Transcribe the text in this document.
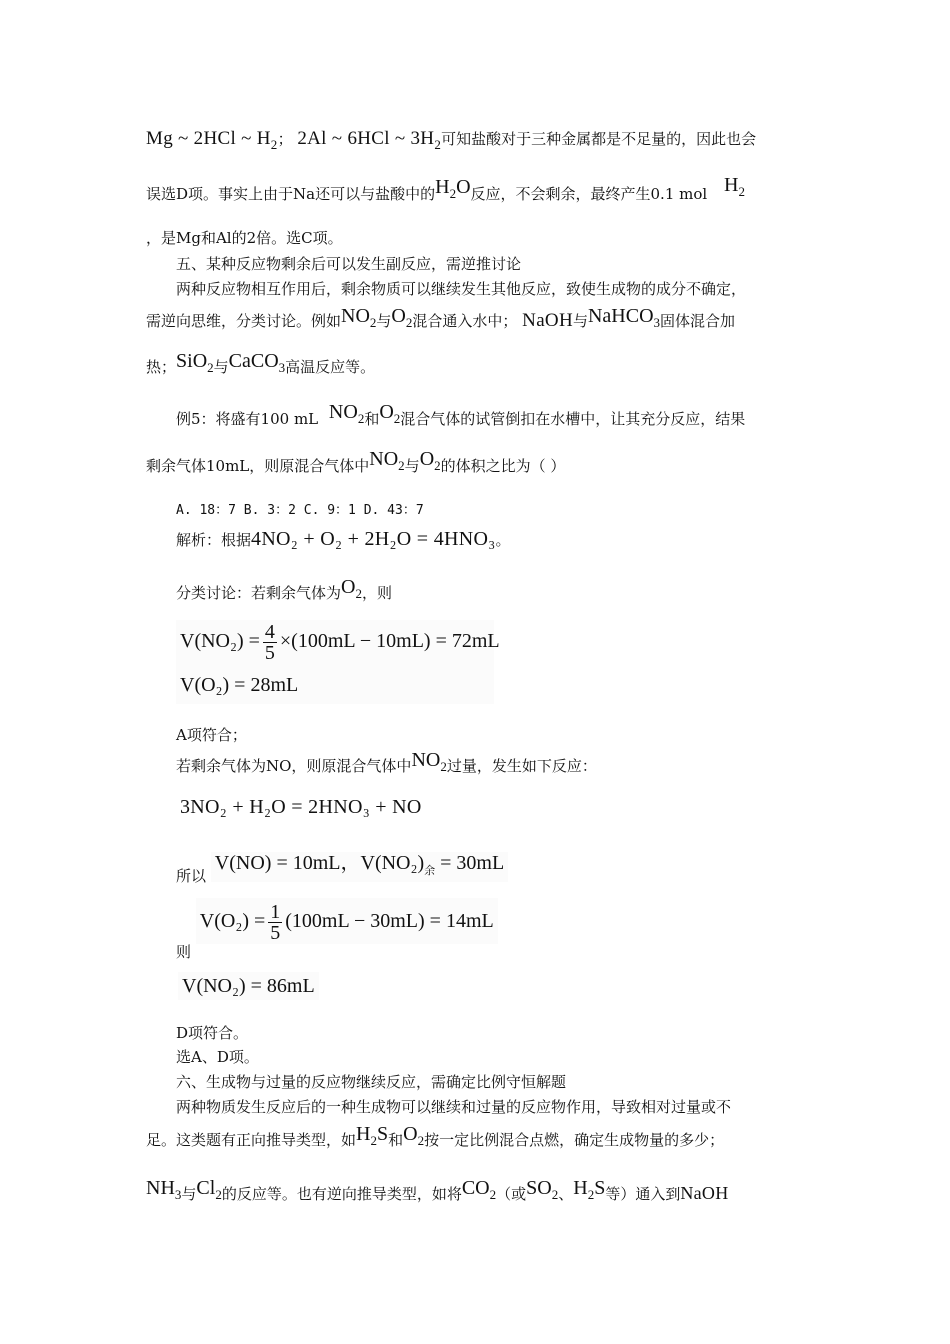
Mg ~ 2HCl ~ $H_2$； 2Al ~ 6HCl ~ $3H_2$可知盐酸对于三种金属都是不足量的，因此也会
误选D项。事实上由于Na还可以与盐酸中的$H_2O$反应，不会剩余，最终产生0.1 mol $H_2$
，是Mg和Al的2倍。选C项。
五、某种反应物剩余后可以发生副反应，需逆推讨论
两种反应物相互作用后，剩余物质可以继续发生其他反应，致使生成物的成分不确定，
需逆向思维，分类讨论。例如$NO_2$与$O_2$混合通入水中； NaOH与NaHCO$_3$固体混合加
热；SiO$_2$与CaCO$_3$高温反应等。
例5：将盛有100 mL $NO_2$和$O_2$混合气体的试管倒扣在水槽中，让其充分反应，结果
剩余气体10mL，则原混合气体中$NO_2$与$O_2$的体积之比为（ ）
A. 18：7 B. 3：2 C. 9：1 D. 43：7
解析：根据4NO₂ + O₂ + 2H₂O = 4HNO₃。
分类讨论：若剩余气体为$O_2$，则
$V(NO_2) = \frac{4}{5} \times(100mL - 10mL) = 72mL$
V(O₂) = 28mL
A项符合；
若剩余气体为NO，则原混合气体中$NO_2$过量，发生如下反应：
3NO₂ + H₂O = 2HNO₃ + NO
所以 V(NO) = 10mL，$V(NO_2)_余 = 30mL$
则 $V(O_2) = \frac{1}{5} (100mL - 30mL) = 14mL$
V(NO₂) = 86mL
D项符合。
选A、D项。
六、生成物与过量的反应物继续反应，需确定比例守恒解题
两种物质发生反应后的一种生成物可以继续和过量的反应物作用，导致相对过量或不
足。这类题有正向推导类型，如$H_2S$和$O_2$按一定比例混合点燃，确定生成物量的多少；
$NH_3$与$Cl_2$的反应等。也有逆向推导类型，如将$CO_2$（或$SO_2$、$H_2S$等）通入到NaOH
